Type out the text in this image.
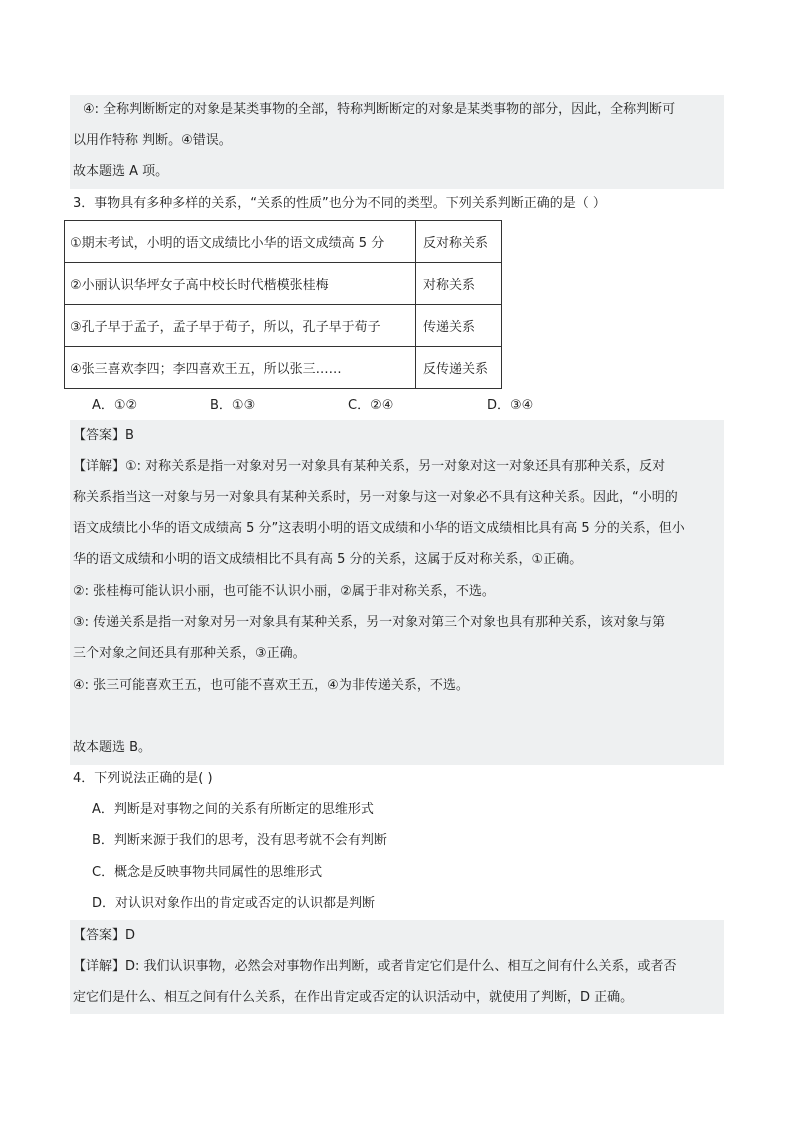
④: 全称判断断定的对象是某类事物的全部，特称判断断定的对象是某类事物的部分，因此，全称判断可
以用作特称 判断。④错误。
故本题选 A 项。
3．事物具有多种多样的关系，“关系的性质”也分为不同的类型。下列关系判断正确的是（ ）
①期末考试，小明的语文成绩比小华的语文成绩高 5 分	反对称关系
②小丽认识华坪女子高中校长时代楷模张桂梅	对称关系
③孔子早于孟子，孟子早于荀子，所以，孔子早于荀子	传递关系
④张三喜欢李四；李四喜欢王五，所以张三……	反传递关系
A．①②	B．①③	C．②④	D．③④
【答案】B
【详解】①: 对称关系是指一对象对另一对象具有某种关系，另一对象对这一对象还具有那种关系，反对
称关系指当这一对象与另一对象具有某种关系时，另一对象与这一对象必不具有这种关系。因此，“小明的
语文成绩比小华的语文成绩高 5 分”这表明小明的语文成绩和小华的语文成绩相比具有高 5 分的关系，但小
华的语文成绩和小明的语文成绩相比不具有高 5 分的关系，这属于反对称关系，①正确。
②: 张桂梅可能认识小丽，也可能不认识小丽，②属于非对称关系，不选。
③: 传递关系是指一对象对另一对象具有某种关系，另一对象对第三个对象也具有那种关系，该对象与第
三个对象之间还具有那种关系，③正确。
④: 张三可能喜欢王五，也可能不喜欢王五，④为非传递关系，不选。
故本题选 B。
4．下列说法正确的是( )
A．判断是对事物之间的关系有所断定的思维形式
B．判断来源于我们的思考，没有思考就不会有判断
C．概念是反映事物共同属性的思维形式
D．对认识对象作出的肯定或否定的认识都是判断
【答案】D
【详解】D: 我们认识事物，必然会对事物作出判断，或者肯定它们是什么、相互之间有什么关系，或者否
定它们是什么、相互之间有什么关系，在作出肯定或否定的认识活动中，就使用了判断，D 正确。
